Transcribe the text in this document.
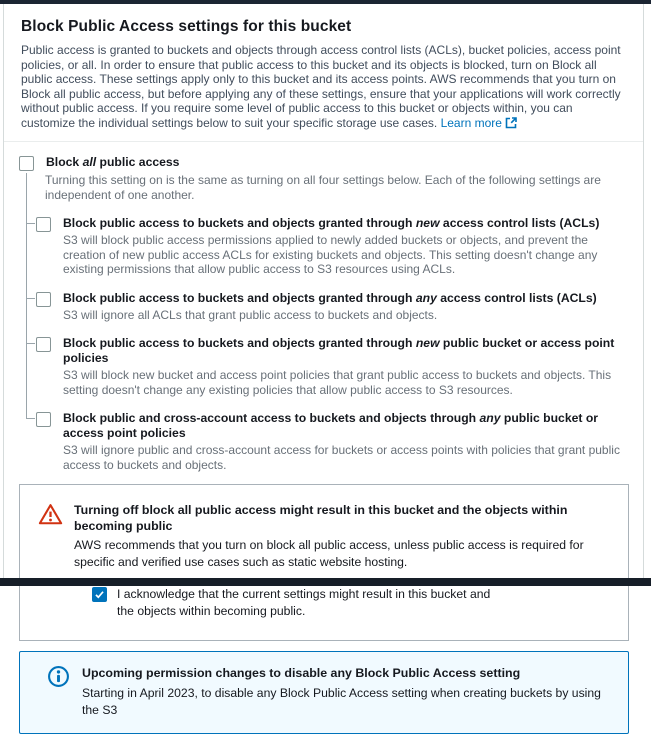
Block Public Access settings for this bucket

Public access is granted to buckets and objects through access control lists (ACLs), bucket policies, access point policies, or all. In order to ensure that public access to this bucket and its objects is blocked, turn on Block all public access. These settings apply only to this bucket and its access points. AWS recommends that you turn on Block all public access, but before applying any of these settings, ensure that your applications will work correctly without public access. If you require some level of public access to this bucket or objects within, you can customize the individual settings below to suit your specific storage use cases. Learn more

Block all public access
Turning this setting on is the same as turning on all four settings below. Each of the following settings are independent of one another.
Block public access to buckets and objects granted through new access control lists (ACLs)
S3 will block public access permissions applied to newly added buckets or objects, and prevent the creation of new public access ACLs for existing buckets and objects. This setting doesn't change any existing permissions that allow public access to S3 resources using ACLs.
Block public access to buckets and objects granted through any access control lists (ACLs)
S3 will ignore all ACLs that grant public access to buckets and objects.
Block public access to buckets and objects granted through new public bucket or access point policies
S3 will block new bucket and access point policies that grant public access to buckets and objects. This setting doesn't change any existing policies that allow public access to S3 resources.
Block public and cross-account access to buckets and objects through any public bucket or access point policies
S3 will ignore public and cross-account access for buckets or access points with policies that grant public access to buckets and objects.
Turning off block all public access might result in this bucket and the objects within becoming public
AWS recommends that you turn on block all public access, unless public access is required for specific and verified use cases such as static website hosting.
I acknowledge that the current settings might result in this bucket and the objects within becoming public.
Upcoming permission changes to disable any Block Public Access setting
Starting in April 2023, to disable any Block Public Access setting when creating buckets by using the S3
